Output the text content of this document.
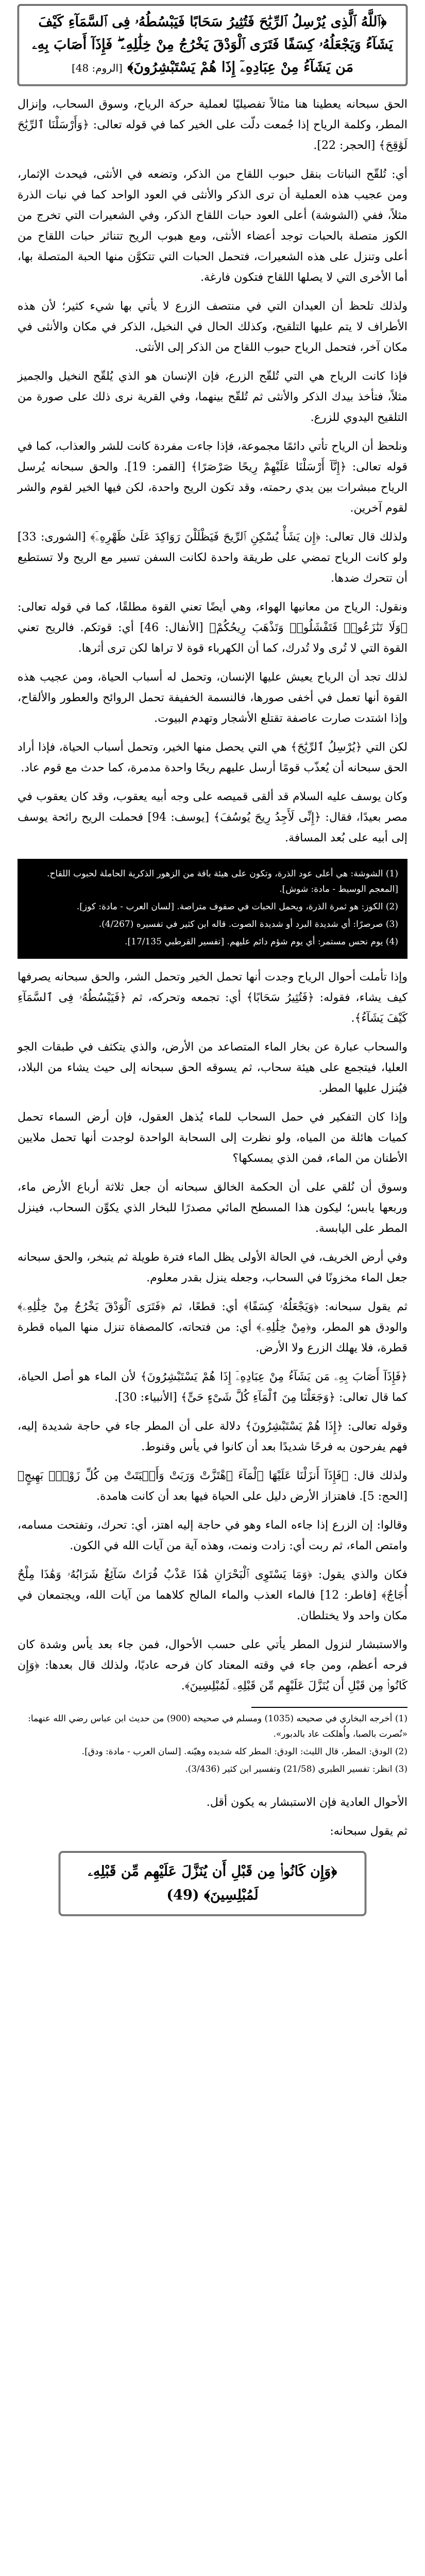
﴿ٱللَّهُ ٱلَّذِى يُرْسِلُ ٱلرِّيَٰحَ فَتُثِيرُ سَحَابًا فَيَبْسُطُهُۥ فِى ٱلسَّمَآءِ كَيْفَ يَشَآءُ وَيَجْعَلُهُۥ كِسَفًا فَتَرَى ٱلْوَدْقَ يَخْرُجُ مِنْ خِلَٰلِهِۦ ۖ فَإِذَآ أَصَابَ بِهِۦ مَن يَشَآءُ مِنْ عِبَادِهِۦٓ إِذَا هُمْ يَسْتَبْشِرُونَ﴾ [الروم: 48]

الحق سبحانه يعطينا هنا مثالاً تفصيليًا لعملية حركة الرياح، وسوق السحاب، وإنزال المطر، وكلمة الرياح إذا جُمعت دلّت على الخير كما في قوله تعالى: ﴿وَأَرْسَلْنَا ٱلرِّيَٰحَ لَوَٰقِحَ﴾ [الحجر: 22].

أي: تُلقّح النباتات بنقل حبوب اللقاح من الذكر، وتضعه في الأنثى، فيحدث الإثمار، ومن عجيب هذه العملية أن ترى الذكر والأنثى في العود الواحد كما في نبات الذرة مثلاً، ففي (الشوشة) أعلى العود حبات اللقاح الذكر، وفي الشعيرات التي تخرج من الكوز متصلة بالحبات توجد أعضاء الأنثى، ومع هبوب الريح تتناثر حبات اللقاح من أعلى وتنزل على هذه الشعيرات، فتحمل الحبات التي تتكوَّن منها الحبة المتصلة بها، أما الأخرى التي لا يصلها اللقاح فتكون فارغة.

ولذلك تلحظ أن العيدان التي في منتصف الزرع لا يأتي بها شيء كثير؛ لأن هذه الأطراف لا يتم عليها التلقيح، وكذلك الحال في النخيل، الذكر في مكان والأنثى في مكان آخر، فتحمل الرياح حبوب اللقاح من الذكر إلى الأنثى.

فإذا كانت الرياح هي التي تُلقّح الزرع، فإن الإنسان هو الذي يُلقّح النخيل والجميز مثلاً، فتأخذ بيدك الذكر والأنثى ثم تُلقّح بينهما، وفي القرية نرى ذلك على صورة من التلقيح اليدوي للزرع.

ونلحظ أن الرياح تأتي دائمًا مجموعة، فإذا جاءت مفردة كانت للشر والعذاب، كما في قوله تعالى: ﴿إِنَّآ أَرْسَلْنَا عَلَيْهِمْ رِيحًا صَرْصَرًا﴾ [القمر: 19]. والحق سبحانه يُرسل الرياح مبشرات بين يدي رحمته، وقد تكون الريح واحدة، لكن فيها الخير لقوم والشر لقوم آخرين.

ولذلك قال تعالى: ﴿إِن يَشَأْ يُسْكِنِ ٱلرِّيحَ فَيَظْلَلْنَ رَوَاكِدَ عَلَىٰ ظَهْرِهِۦٓ﴾ [الشورى: 33] ولو كانت الرياح تمضي على طريقة واحدة لكانت السفن تسير مع الريح ولا تستطيع أن تتحرك ضدها.

ونقول: الرياح من معانيها الهواء، وهي أيضًا تعني القوة مطلقًا، كما في قوله تعالى: ﴿وَلَا تَنَٰزَعُوا۟ فَتَفْشَلُوا۟ وَتَذْهَبَ رِيحُكُمْ﴾ [الأنفال: 46] أي: قوتكم. فالريح تعني القوة التي لا تُرى ولا تُدرك، كما أن الكهرباء قوة لا تراها لكن ترى أثرها.

لذلك تجد أن الرياح يعيش عليها الإنسان، وتحمل له أسباب الحياة، ومن عجيب هذه القوة أنها تعمل في أخفى صورها، فالنسمة الخفيفة تحمل الروائح والعطور والألقاح، وإذا اشتدت صارت عاصفة تقتلع الأشجار وتهدم البيوت.

لكن التي ﴿يُرْسِلُ ٱلرِّيَٰحَ﴾ هي التي يحصل منها الخير، وتحمل أسباب الحياة، فإذا أراد الحق سبحانه أن يُعذّب قومًا أرسل عليهم ريحًا واحدة مدمرة، كما حدث مع قوم عاد.

وكان يوسف عليه السلام قد ألقى قميصه على وجه أبيه يعقوب، وقد كان يعقوب في مصر بعيدًا، فقال: ﴿إِنِّى لَأَجِدُ رِيحَ يُوسُفَ﴾ [يوسف: 94] فحملت الريح رائحة يوسف إلى أبيه على بُعد المسافة.

(1) الشوشة: هي أعلى عود الذرة، وتكون على هيئة باقة من الزهور الذكرية الحاملة لحبوب اللقاح. [المعجم الوسيط - مادة: شوش].

(2) الكوز: هو ثمرة الذرة، ويحمل الحبات في صفوف متراصة. [لسان العرب - مادة: كوز].

(3) صرصرًا: أي شديدة البرد أو شديدة الصوت. قاله ابن كثير في تفسيره (4/267).

(4) يوم نحس مستمر: أي يوم شؤم دائم عليهم. [تفسير القرطبي 17/135].

وإذا تأملت أحوال الرياح وجدت أنها تحمل الخير وتحمل الشر، والحق سبحانه يصرفها كيف يشاء، فقوله: ﴿فَتُثِيرُ سَحَابًا﴾ أي: تجمعه وتحركه، ثم ﴿فَيَبْسُطُهُۥ فِى ٱلسَّمَآءِ كَيْفَ يَشَآءُ﴾.

والسحاب عبارة عن بخار الماء المتصاعد من الأرض، والذي يتكثف في طبقات الجو العليا، فيتجمع على هيئة سحاب، ثم يسوقه الحق سبحانه إلى حيث يشاء من البلاد، فيُنزل عليها المطر.

وإذا كان التفكير في حمل السحاب للماء يُذهل العقول، فإن أرض السماء تحمل كميات هائلة من المياه، ولو نظرت إلى السحابة الواحدة لوجدت أنها تحمل ملايين الأطنان من الماء، فمن الذي يمسكها؟

وسوق أن نُلقي على أن الحكمة الخالق سبحانه أن جعل ثلاثة أرباع الأرض ماء، وربعها يابس؛ ليكون هذا المسطح المائي مصدرًا للبخار الذي يكوِّن السحاب، فينزل المطر على اليابسة.

وفي أرض الخريف، في الحالة الأولى يظل الماء فترة طويلة ثم يتبخر، والحق سبحانه جعل الماء مخزونًا في السحاب، وجعله ينزل بقدر معلوم.

ثم يقول سبحانه: ﴿وَيَجْعَلُهُۥ كِسَفًا﴾ أي: قطعًا، ثم ﴿فَتَرَى ٱلْوَدْقَ يَخْرُجُ مِنْ خِلَٰلِهِۦ﴾ والودق هو المطر، و﴿مِنْ خِلَٰلِهِۦ﴾ أي: من فتحاته، كالمصفاة تنزل منها المياه قطرة قطرة، فلا يهلك الزرع ولا الأرض.

﴿فَإِذَآ أَصَابَ بِهِۦ مَن يَشَآءُ مِنْ عِبَادِهِۦٓ إِذَا هُمْ يَسْتَبْشِرُونَ﴾ لأن الماء هو أصل الحياة، كما قال تعالى: ﴿وَجَعَلْنَا مِنَ ٱلْمَآءِ كُلَّ شَىْءٍ حَىٍّ﴾ [الأنبياء: 30].

وقوله تعالى: ﴿إِذَا هُمْ يَسْتَبْشِرُونَ﴾ دلالة على أن المطر جاء في حاجة شديدة إليه، فهم يفرحون به فرحًا شديدًا بعد أن كانوا في يأس وقنوط.

ولذلك قال: ﴿فَإِذَآ أَنزَلْنَا عَلَيْهَا ٱلْمَآءَ ٱهْتَزَّتْ وَرَبَتْ وَأَنۢبَتَتْ مِن كُلِّ زَوْجٍۭ بَهِيجٍ﴾ [الحج: 5]. فاهتزاز الأرض دليل على الحياة فيها بعد أن كانت هامدة.

وقالوا: إن الزرع إذا جاءه الماء وهو في حاجة إليه اهتز، أي: تحرك، وتفتحت مسامه، وامتص الماء، ثم ربت أي: زادت ونمت، وهذه آية من آيات الله في الكون.

فكان والذي يقول: ﴿وَمَا يَسْتَوِى ٱلْبَحْرَانِ هَٰذَا عَذْبٌ فُرَاتٌ سَآئِغٌ شَرَابُهُۥ وَهَٰذَا مِلْحٌ أُجَاجٌ﴾ [فاطر: 12] فالماء العذب والماء المالح كلاهما من آيات الله، ويجتمعان في مكان واحد ولا يختلطان.

والاستبشار لنزول المطر يأتي على حسب الأحوال، فمن جاء بعد يأس وشدة كان فرحه أعظم، ومن جاء في وقته المعتاد كان فرحه عاديًا، ولذلك قال بعدها: ﴿وَإِن كَانُوا۟ مِن قَبْلِ أَن يُنَزَّلَ عَلَيْهِم مِّن قَبْلِهِۦ لَمُبْلِسِينَ﴾.

(1) أخرجه البخاري في صحيحه (1035) ومسلم في صحيحه (900) من حديث ابن عباس رضي الله عنهما: «نُصرت بالصبا، وأُهلكت عاد بالدبور».

(2) الودق: المطر، قال الليث: الودق: المطر كله شديده وهيّنه. [لسان العرب - مادة: ودق].

(3) انظر: تفسير الطبري (21/58) وتفسير ابن كثير (3/436).

الأحوال العادية فإن الاستبشار به يكون أقل.

ثم يقول سبحانه:

﴿وَإِن كَانُوا۟ مِن قَبْلِ أَن يُنَزَّلَ عَلَيْهِم مِّن قَبْلِهِۦ لَمُبْلِسِينَ﴾ (49)
